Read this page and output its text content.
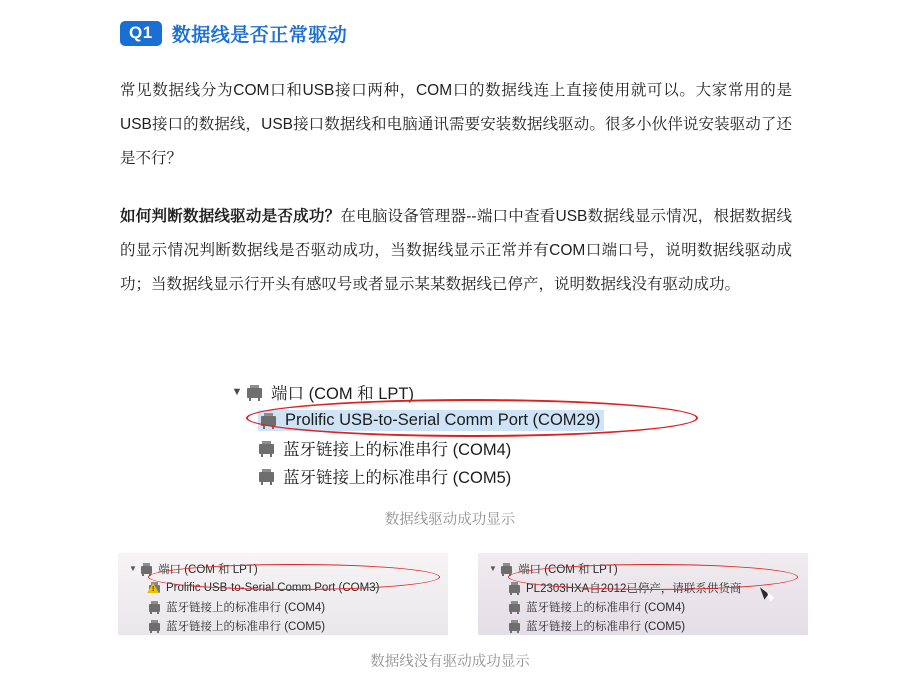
Q1	数据线是否正常驱动
常见数据线分为COM口和USB接口两种，COM口的数据线连上直接使用就可以。大家常用的是USB接口的数据线，USB接口数据线和电脑通讯需要安装数据线驱动。很多小伙伴说安装驱动了还是不行？
如何判断数据线驱动是否成功？在电脑设备管理器--端口中查看USB数据线显示情况，根据数据线的显示情况判断数据线是否驱动成功，当数据线显示正常并有COM口端口号，说明数据线驱动成功；当数据线显示行开头有感叹号或者显示某某数据线已停产，说明数据线没有驱动成功。
▼ 端口 (COM 和 LPT)
Prolific USB-to-Serial Comm Port (COM29)
蓝牙链接上的标准串行 (COM4)
蓝牙链接上的标准串行 (COM5)
数据线驱动成功显示
▼ 端口 (COM 和 LPT)
! Prolific USB-to-Serial Comm Port (COM3)
蓝牙链接上的标准串行 (COM4)
蓝牙链接上的标准串行 (COM5)
▼ 端口 (COM 和 LPT)
PL2303HXA自2012已停产，请联系供货商
蓝牙链接上的标准串行 (COM4)
蓝牙链接上的标准串行 (COM5)
数据线没有驱动成功显示
